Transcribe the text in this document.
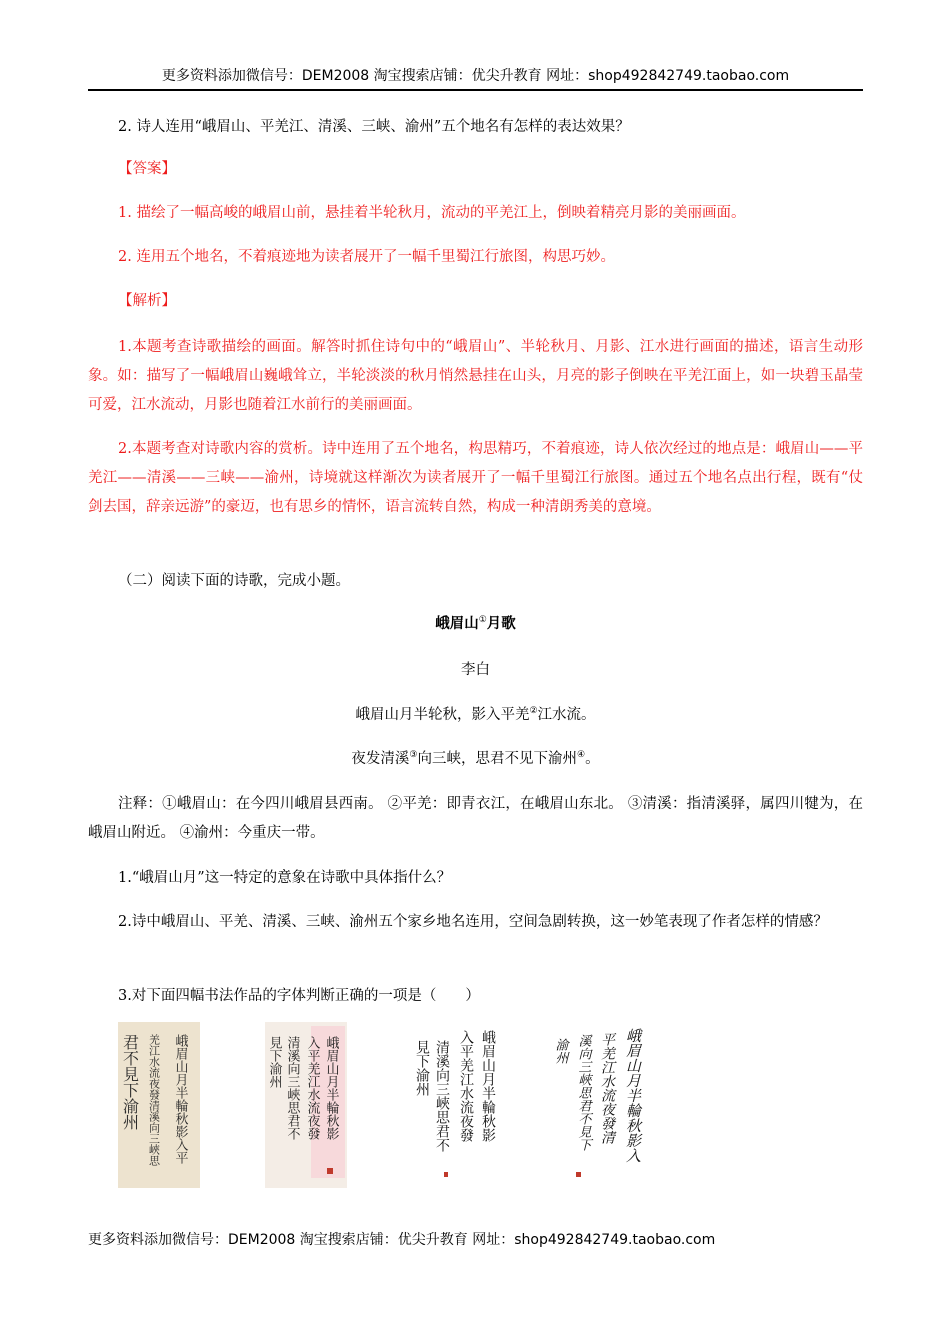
更多资料添加微信号：DEM2008 淘宝搜索店铺：优尖升教育 网址：shop492842749.taobao.com
2. 诗人连用“峨眉山、平羌江、清溪、三峡、渝州”五个地名有怎样的表达效果？
【答案】
1. 描绘了一幅高峻的峨眉山前，悬挂着半轮秋月，流动的平羌江上，倒映着精亮月影的美丽画面。
2. 连用五个地名，不着痕迹地为读者展开了一幅千里蜀江行旅图，构思巧妙。
【解析】
1.本题考查诗歌描绘的画面。解答时抓住诗句中的“峨眉山”、半轮秋月、月影、江水进行画面的描述，语言生动形象。如：描写了一幅峨眉山巍峨耸立，半轮淡淡的秋月悄然悬挂在山头，月亮的影子倒映在平羌江面上，如一块碧玉晶莹可爱，江水流动，月影也随着江水前行的美丽画面。
2.本题考查对诗歌内容的赏析。诗中连用了五个地名，构思精巧，不着痕迹，诗人依次经过的地点是：峨眉山——平羌江——清溪——三峡——渝州，诗境就这样渐次为读者展开了一幅千里蜀江行旅图。通过五个地名点出行程，既有“仗剑去国，辞亲远游”的豪迈，也有思乡的情怀，语言流转自然，构成一种清朗秀美的意境。
（二）阅读下面的诗歌，完成小题。
峨眉山①月歌
李白
峨眉山月半轮秋，影入平羌②江水流。
夜发清溪③向三峡，思君不见下渝州④。
注释：①峨眉山：在今四川峨眉县西南。 ②平羌：即青衣江，在峨眉山东北。 ③清溪：指清溪驿，属四川犍为，在峨眉山附近。 ④渝州：今重庆一带。
1.“峨眉山月”这一特定的意象在诗歌中具体指什么？
2.诗中峨眉山、平羌、清溪、三峡、渝州五个家乡地名连用，空间急剧转换，这一妙笔表现了作者怎样的情感？
3.对下面四幅书法作品的字体判断正确的一项是（　　）
君不見下渝州 羌江水流夜發清溪向三峽思 峨眉山月半輪秋影入平	見下渝州 清溪向三峽思君不 入平羌江水流夜發 峨眉山月半輪秋影	見下渝州 清溪向三峽思君不 入平羌江水流夜發 峨眉山月半輪秋影	渝州 溪向三峽思君不見下 平羌江水流夜發清 峨眉山月半輪秋影入
更多资料添加微信号：DEM2008 淘宝搜索店铺：优尖升教育 网址：shop492842749.taobao.com
